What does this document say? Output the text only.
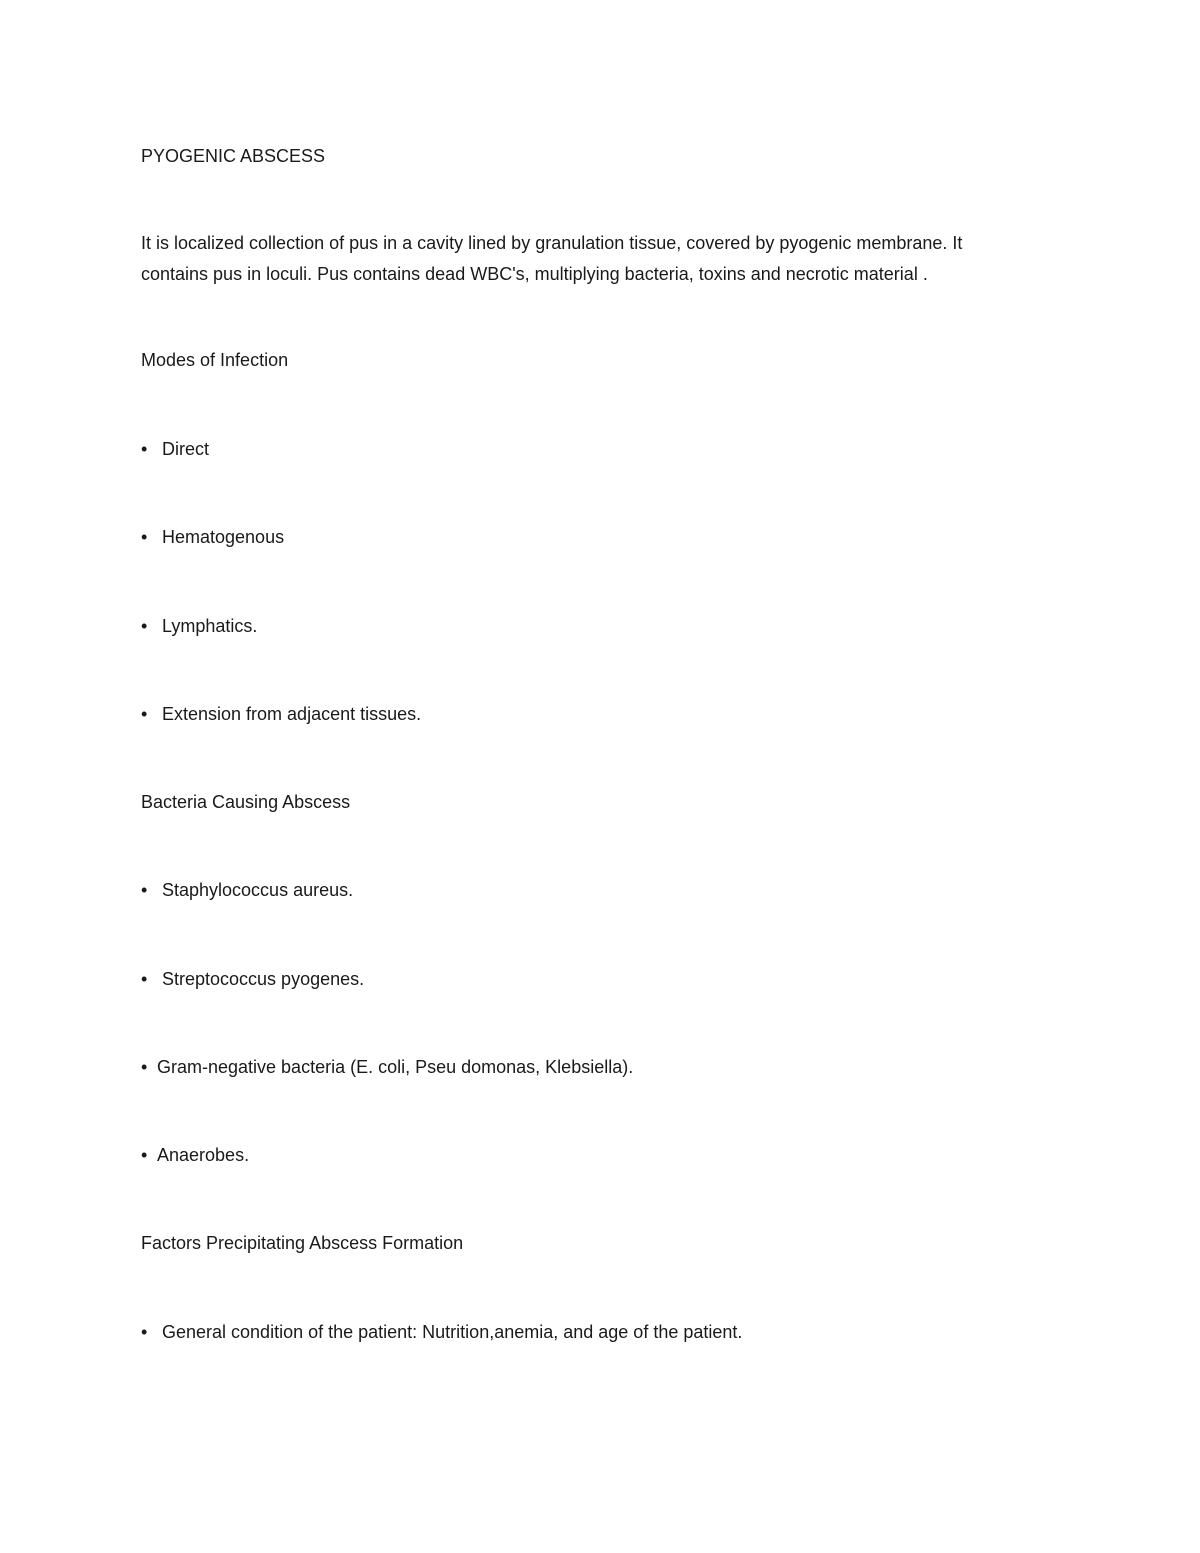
PYOGENIC ABSCESS
It is localized collection of pus in a cavity lined by granulation tissue, covered by pyogenic membrane. It
contains pus in loculi. Pus contains dead WBC's, multiplying bacteria, toxins and necrotic material .
Modes of Infection
• Direct
• Hematogenous
• Lymphatics.
• Extension from adjacent tissues.
Bacteria Causing Abscess
• Staphylococcus aureus.
• Streptococcus pyogenes.
• Gram-negative bacteria (E. coli, Pseu domonas, Klebsiella).
• Anaerobes.
Factors Precipitating Abscess Formation
• General condition of the patient: Nutrition,anemia, and age of the patient.
